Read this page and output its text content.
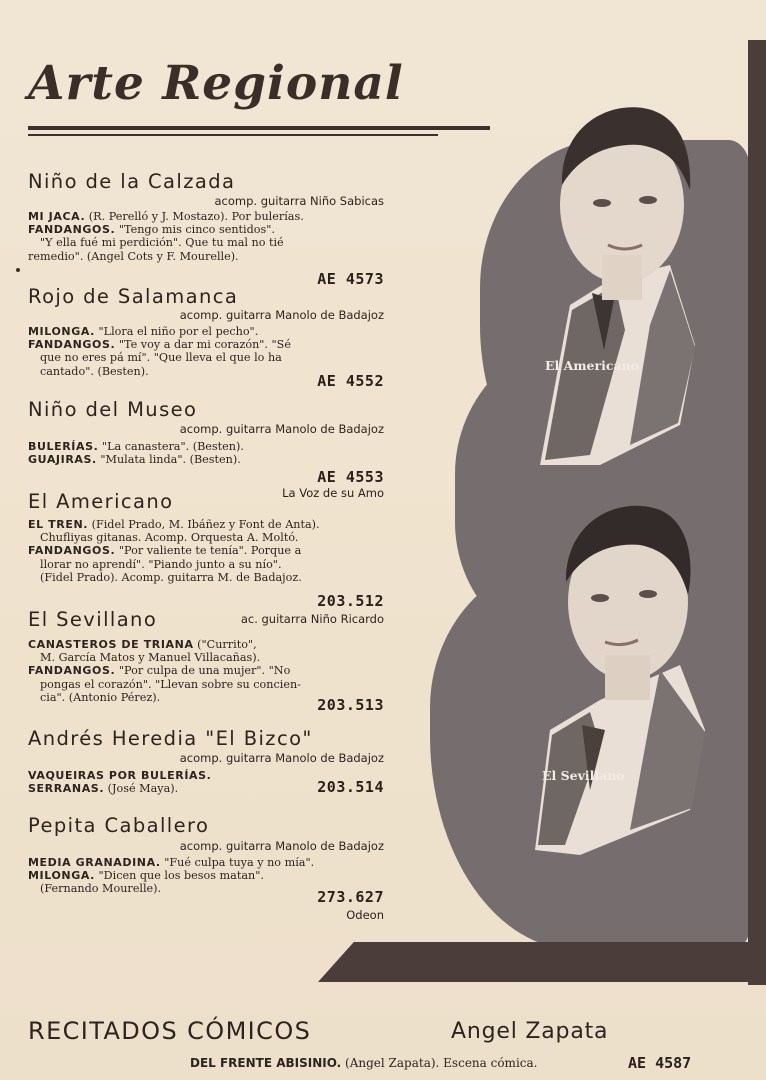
El Americano
El Sevillano
Arte Regional
Niño de la Calzada
acomp. guitarra Niño Sabicas
MI JACA. (R. Perelló y J. Mostazo). Por bulerías.
FANDANGOS. "Tengo mis cinco sentidos".
"Y ella fué mi perdición". Que tu mal no tié
remedio". (Angel Cots y F. Mourelle).
AE 4573
Rojo de Salamanca
acomp. guitarra Manolo de Badajoz
MILONGA. "Llora el niño por el pecho".
FANDANGOS. "Te voy a dar mi corazón". "Sé
que no eres pá mí". "Que lleva el que lo ha
cantado". (Besten).
AE 4552
Niño del Museo
acomp. guitarra Manolo de Badajoz
BULERÍAS. "La canastera". (Besten).
GUAJIRAS. "Mulata linda". (Besten).
AE 4553
La Voz de su Amo
El Americano
EL TREN. (Fidel Prado, M. Ibáñez y Font de Anta).
Chufliyas gitanas. Acomp. Orquesta A. Moltó.
FANDANGOS. "Por valiente te tenía". Porque a
llorar no aprendí". "Piando junto a su nío".
(Fidel Prado). Acomp. guitarra M. de Badajoz.
203.512
El Sevillano	ac. guitarra Niño Ricardo
CANASTEROS DE TRIANA ("Currito",
M. García Matos y Manuel Villacañas).
FANDANGOS. "Por culpa de una mujer". "No
pongas el corazón". "Llevan sobre su concien-
cia". (Antonio Pérez).	203.513
Andrés Heredia "El Bizco"
acomp. guitarra Manolo de Badajoz
VAQUEIRAS POR BULERÍAS.
SERRANAS. (José Maya).	203.514
Pepita Caballero
acomp. guitarra Manolo de Badajoz
MEDIA GRANADINA. "Fué culpa tuya y no mía".
MILONGA. "Dicen que los besos matan".
(Fernando Mourelle).	273.627
Odeon
RECITADOS CÓMICOS	Angel Zapata
DEL FRENTE ABISINIO. (Angel Zapata). Escena cómica.	AE 4587
